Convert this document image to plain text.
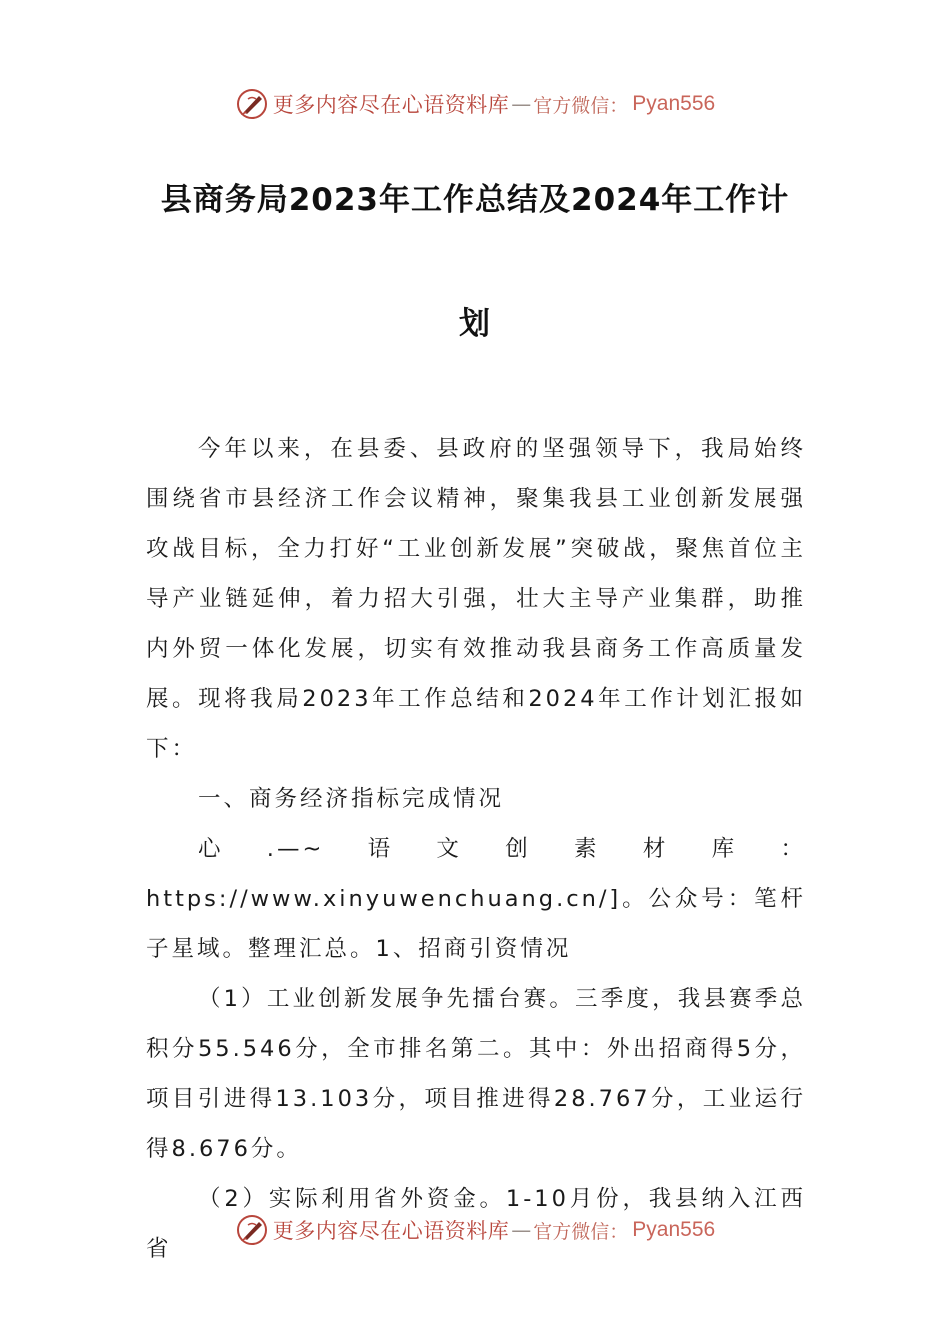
更多内容尽在心语资料库 — 官方微信： Pyan556
县商务局2023年工作总结及2024年工作计
划

今年以来，在县委、县政府的坚强领导下，我局始终围绕省市县经济工作会议精神，聚集我县工业创新发展强攻战目标，全力打好“工业创新发展”突破战，聚焦首位主导产业链延伸，着力招大引强，壮大主导产业集群，助推内外贸一体化发展，切实有效推动我县商务工作高质量发展。现将我局2023年工作总结和2024年工作计划汇报如下：

一、商务经济指标完成情况

心.—~语文创素材库：https://www.xinyuwenchuang.cn/]。公众号：笔杆子星域。整理汇总。1、招商引资情况

（1）工业创新发展争先擂台赛。三季度，我县赛季总积分55.546分，全市排名第二。其中：外出招商得5分，项目引进得13.103分，项目推进得28.767分，工业运行得8.676分。

（2）实际利用省外资金。1-10月份，我县纳入江西省

更多内容尽在心语资料库 — 官方微信： Pyan556
